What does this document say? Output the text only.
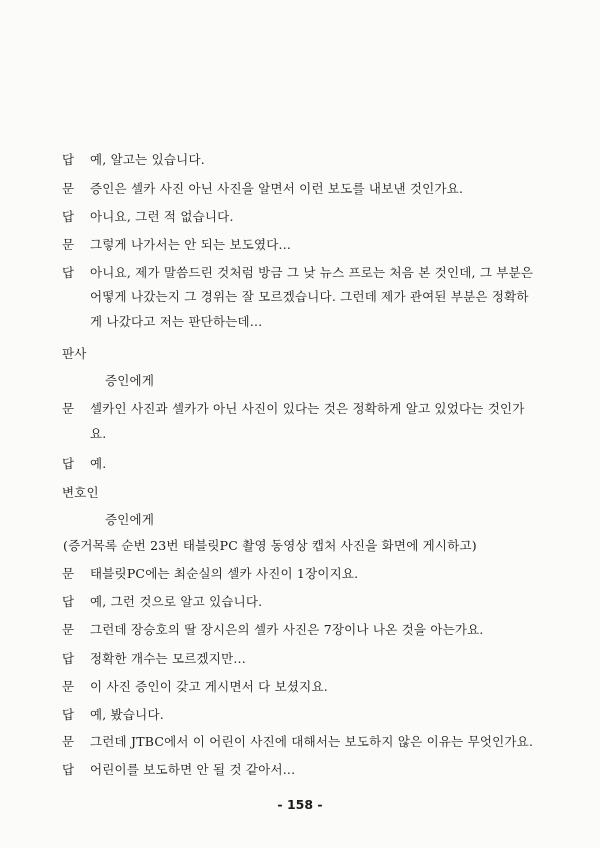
답	예, 알고는 있습니다.
문	증인은 셀카 사진 아닌 사진을 알면서 이런 보도를 내보낸 것인가요.
답	아니요, 그런 적 없습니다.
문	그렇게 나가서는 안 되는 보도였다...
답	아니요, 제가 말씀드린 것처럼 방금 그 낮 뉴스 프로는 처음 본 것인데, 그 부분은
어떻게 나갔는지 그 경위는 잘 모르겠습니다. 그런데 제가 관여된 부분은 정확하
게 나갔다고 저는 판단하는데...
판사
증인에게
문	셀카인 사진과 셀카가 아닌 사진이 있다는 것은 정확하게 알고 있었다는 것인가
요.
답	예.
변호인
증인에게
(증거목록 순번 23번 태블릿PC 촬영 동영상 캡처 사진을 화면에 게시하고)
문	태블릿PC에는 최순실의 셀카 사진이 1장이지요.
답	예, 그런 것으로 알고 있습니다.
문	그런데 장승호의 딸 장시은의 셀카 사진은 7장이나 나온 것을 아는가요.
답	정확한 개수는 모르겠지만...
문	이 사진 증인이 갖고 게시면서 다 보셨지요.
답	예, 봤습니다.
문	그런데 JTBC에서 이 어린이 사진에 대해서는 보도하지 않은 이유는 무엇인가요.
답	어린이를 보도하면 안 될 것 같아서...
- 158 -
